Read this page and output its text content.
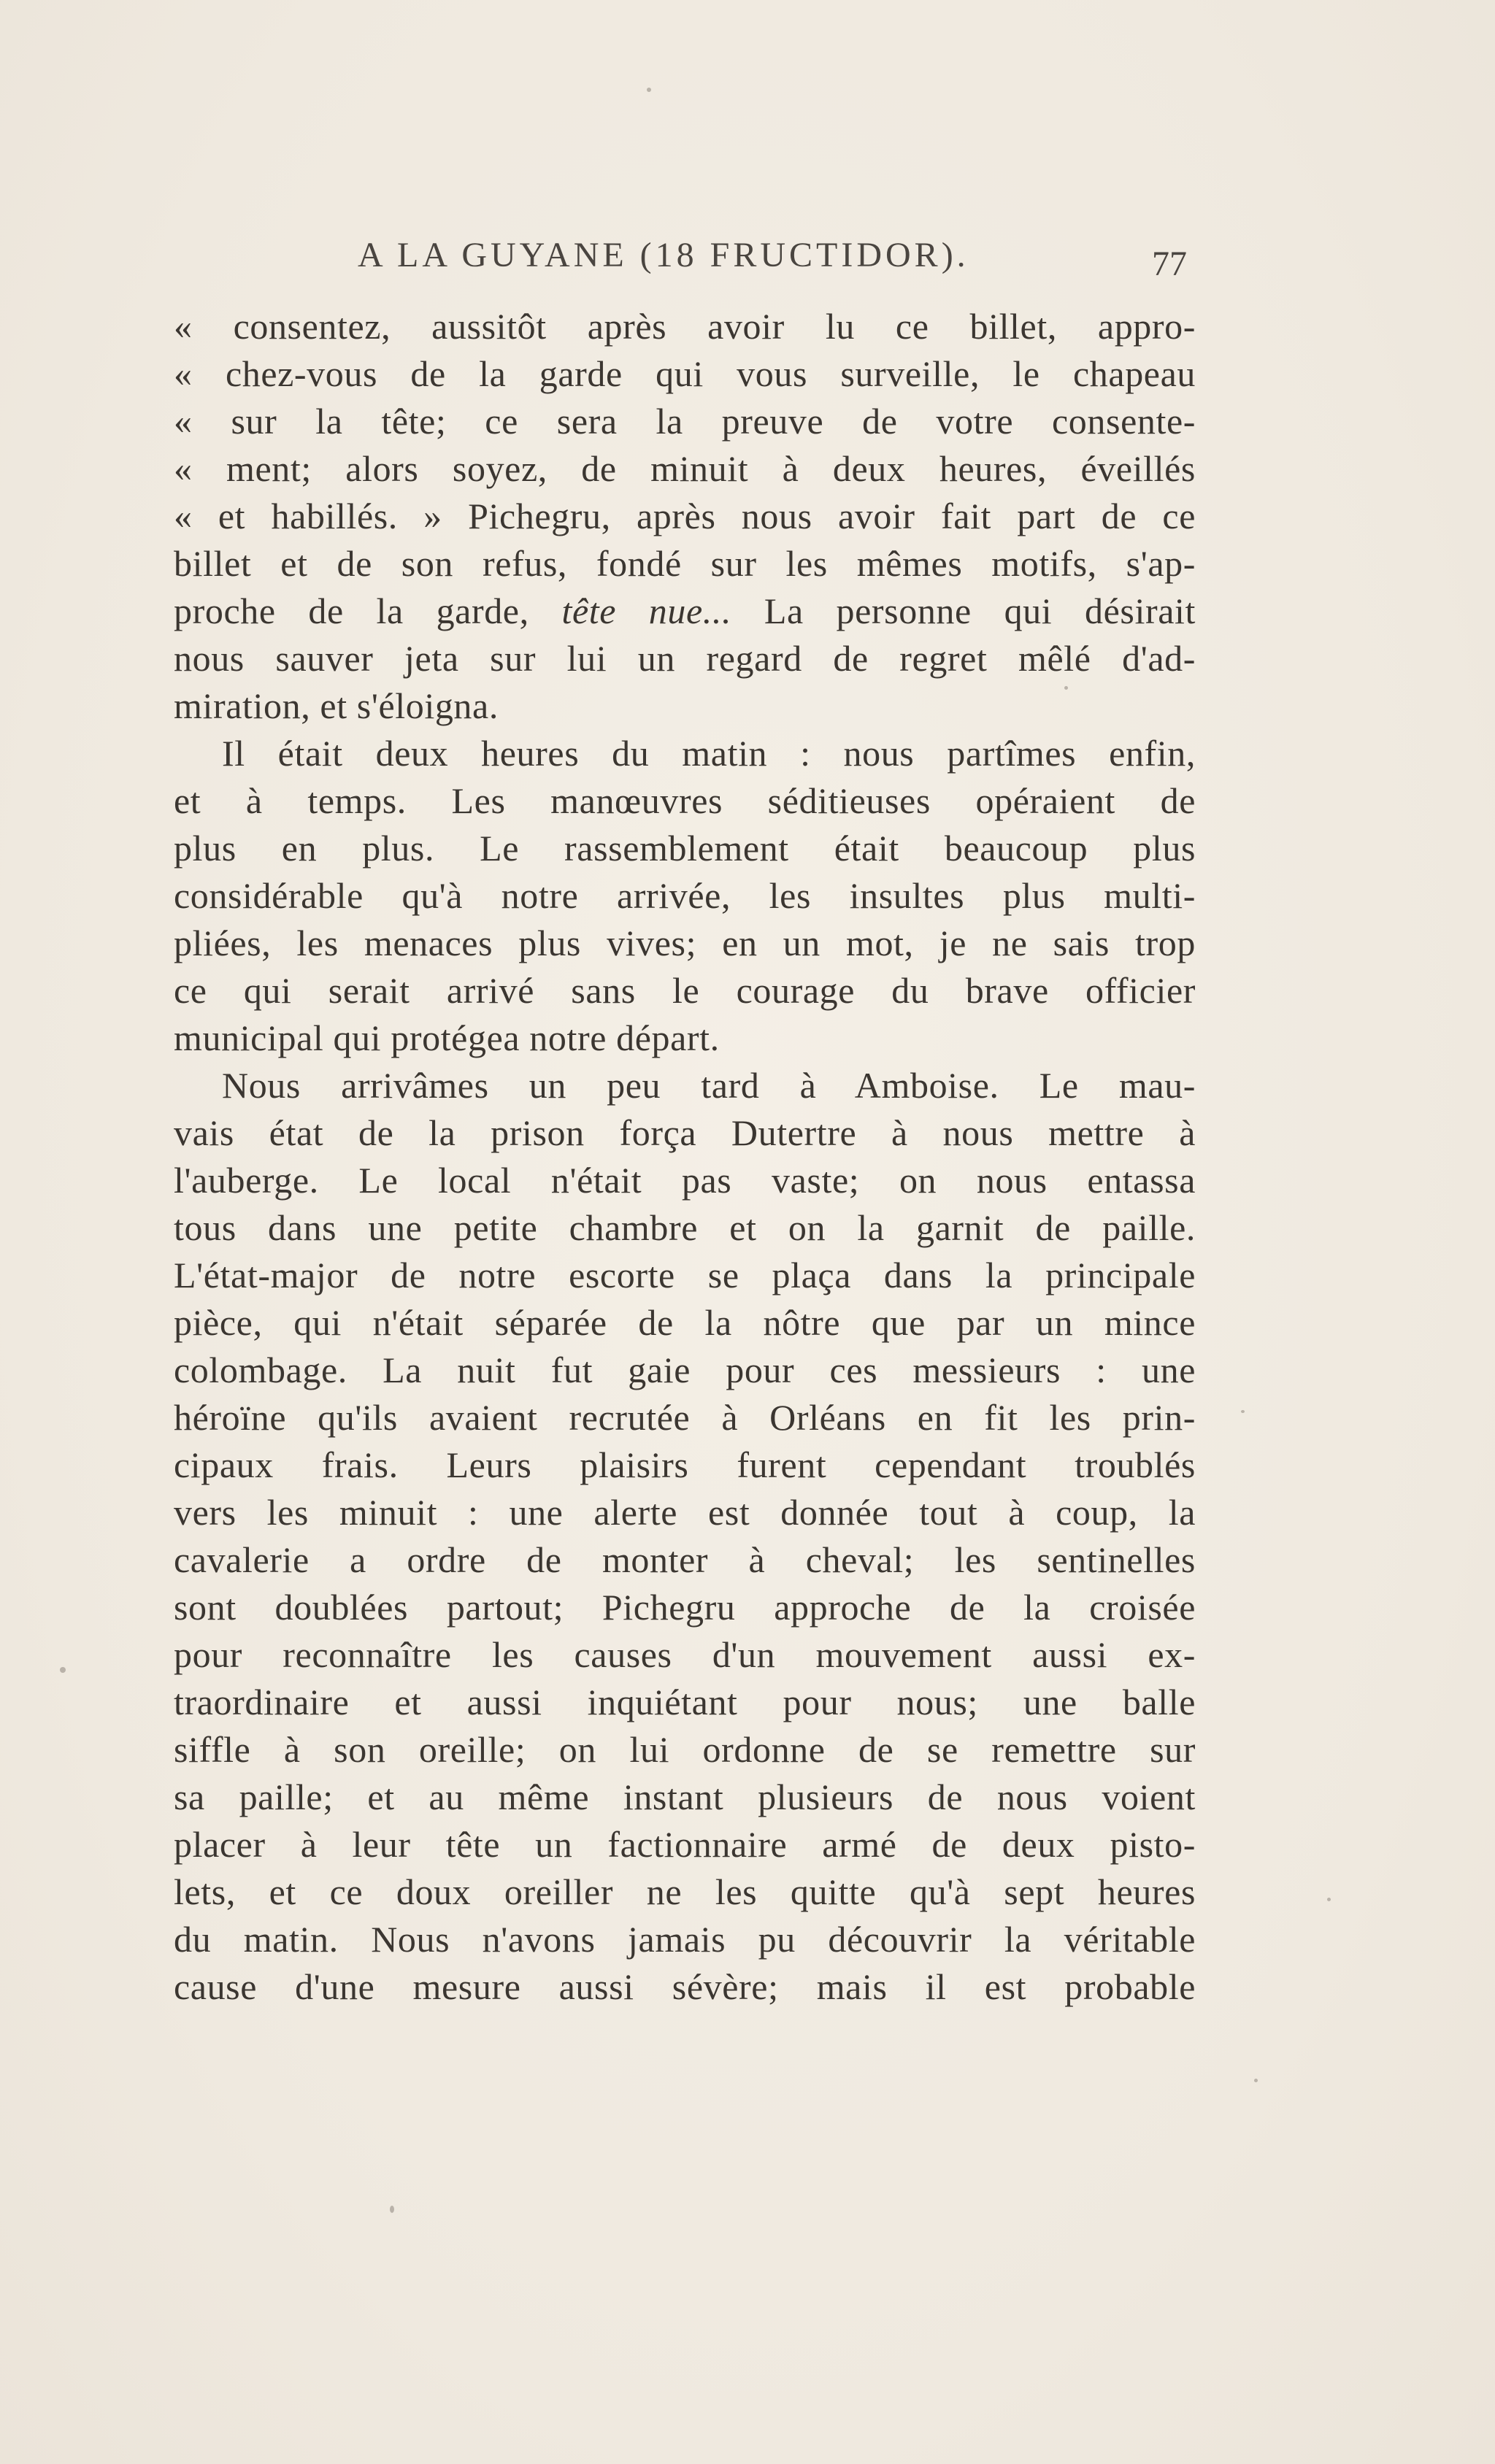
A LA GUYANE (18 FRUCTIDOR).	77
« consentez, aussitôt après avoir lu ce billet, appro-
« chez-vous de la garde qui vous surveille, le chapeau
« sur la tête; ce sera la preuve de votre consente-
« ment; alors soyez, de minuit à deux heures, éveillés
« et habillés. » Pichegru, après nous avoir fait part de ce
billet et de son refus, fondé sur les mêmes motifs, s'ap-
proche de la garde, tête nue... La personne qui désirait
nous sauver jeta sur lui un regard de regret mêlé d'ad-
miration, et s'éloigna.
Il était deux heures du matin : nous partîmes enfin,
et à temps. Les manœuvres séditieuses opéraient de
plus en plus. Le rassemblement était beaucoup plus
considérable qu'à notre arrivée, les insultes plus multi-
pliées, les menaces plus vives; en un mot, je ne sais trop
ce qui serait arrivé sans le courage du brave officier
municipal qui protégea notre départ.
Nous arrivâmes un peu tard à Amboise. Le mau-
vais état de la prison força Dutertre à nous mettre à
l'auberge. Le local n'était pas vaste; on nous entassa
tous dans une petite chambre et on la garnit de paille.
L'état-major de notre escorte se plaça dans la principale
pièce, qui n'était séparée de la nôtre que par un mince
colombage. La nuit fut gaie pour ces messieurs : une
héroïne qu'ils avaient recrutée à Orléans en fit les prin-
cipaux frais. Leurs plaisirs furent cependant troublés
vers les minuit : une alerte est donnée tout à coup, la
cavalerie a ordre de monter à cheval; les sentinelles
sont doublées partout; Pichegru approche de la croisée
pour reconnaître les causes d'un mouvement aussi ex-
traordinaire et aussi inquiétant pour nous; une balle
siffle à son oreille; on lui ordonne de se remettre sur
sa paille; et au même instant plusieurs de nous voient
placer à leur tête un factionnaire armé de deux pisto-
lets, et ce doux oreiller ne les quitte qu'à sept heures
du matin. Nous n'avons jamais pu découvrir la véritable
cause d'une mesure aussi sévère; mais il est probable
